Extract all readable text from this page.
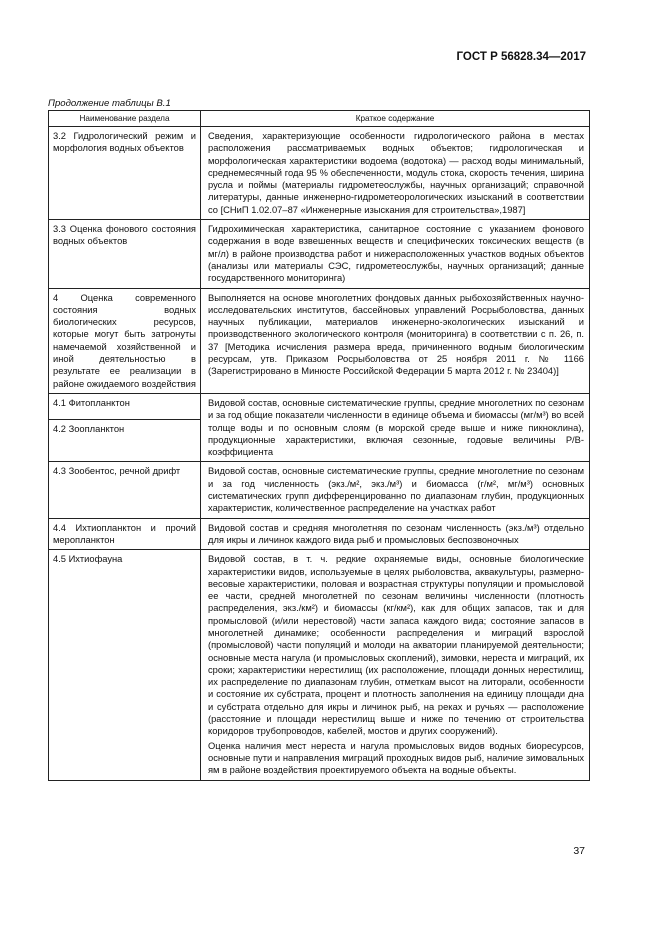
ГОСТ Р 56828.34—2017
Продолжение таблицы В.1
Наименование раздела	Краткое содержание
3.2 Гидрологический режим и морфология водных объектов	Сведения, характеризующие особенности гидрологического района в местах расположения рассматриваемых водных объектов; гидрологическая и морфологическая характеристики водоема (водотока) — расход воды минимальный, среднемесячный года 95 % обеспеченности, модуль стока, скорость течения, ширина русла и поймы (материалы гидрометеослужбы, научных организаций; справочной литературы, данные инженерно-гидрометеорологических изысканий в соответствии со [СНиП 1.02.07–87 «Инженерные изыскания для строительства»,1987]

3.3 Оценка фонового состояния водных объектов	Гидрохимическая характеристика, санитарное состояние с указанием фонового содержания в воде взвешенных веществ и специфических токсических веществ (в мг/л) в районе производства работ и нижерасположенных участков водных объектов (анализы или материалы СЭС, гидрометеослужбы, научных организаций; данные государственного мониторинга)

4 Оценка современного состояния водных биологических ресурсов, которые могут быть затронуты намечаемой хозяйственной и иной деятельностью в результате ее реализации в районе ожидаемого воздействия	Выполняется на основе многолетних фондовых данных рыбохозяйственных научно-исследовательских институтов, бассейновых управлений Росрыболовства, данных научных публикации, материалов инженерно-экологических изысканий и производственного экологического контроля (мониторинга) в соответствии с п. 26, п. 37 [Методика исчисления размера вреда, причиненного водным биологическим ресурсам, утв. Приказом Росрыболовства от 25 ноября 2011 г. № 1166 (Зарегистрировано в Минюсте Российской Федерации 5 марта 2012 г. № 23404)]

4.1 Фитопланктон
4.2 Зоопланктон	Видовой состав, основные систематические группы, средние многолетних по сезонам и за год общие показатели численности в единице объема и биомассы (мг/м³) во всей толще воды и по основным слоям (в морской среде выше и ниже пикноклина), продукционные характеристики, включая сезонные, годовые величины Р/В-коэффициента

4.3 Зообентос, речной дрифт	Видовой состав, основные систематические группы, средние многолетние по сезонам и за год численность (экз./м², экз./м³) и биомасса (г/м², мг/м³) основных систематических групп дифференцированно по диапазонам глубин, продукционных характеристик, количественное распределение на участках работ

4.4 Ихтиопланктон и прочий меропланктон	Видовой состав и средняя многолетняя по сезонам численность (экз./м³) отдельно для икры и личинок каждого вида рыб и промысловых беспозвоночных

4.5 Ихтиофауна	Видовой состав, в т. ч. редкие охраняемые виды, основные биологические характеристики видов, используемые в целях рыболовства, аквакультуры, размерно-весовые характеристики, половая и возрастная структуры популяции и промысловой ее части, средней многолетней по сезонам величины численности (плотность распределения, экз./км²) и биомассы (кг/км²), как для общих запасов, так и для промысловой (и/или нерестовой) части запаса каждого вида; состояние запасов в многолетней динамике; особенности распределения и миграций взрослой (промысловой) части популяций и молоди на акватории планируемой деятельности; основные места нагула (и промысловых скоплений), зимовки, нереста и миграций, их сроки; характеристики нерестилищ (их расположение, площади донных нерестилищ, их распределение по диапазонам глубин, отметкам высот на литорали, особенности и состояние их субстрата, процент и плотность заполнения на единицу площади дна и субстрата отдельно для икры и личинок рыб, на реках и ручьях — расположение (расстояние и площади нерестилищ выше и ниже по течению от строительства коридоров трубопроводов, кабелей, мостов и других сооружений).
Оценка наличия мест нереста и нагула промысловых видов водных биоресурсов, основные пути и направления миграций проходных видов рыб, наличие зимовальных ям в районе воздействия проектируемого объекта на водные объекты.
37
